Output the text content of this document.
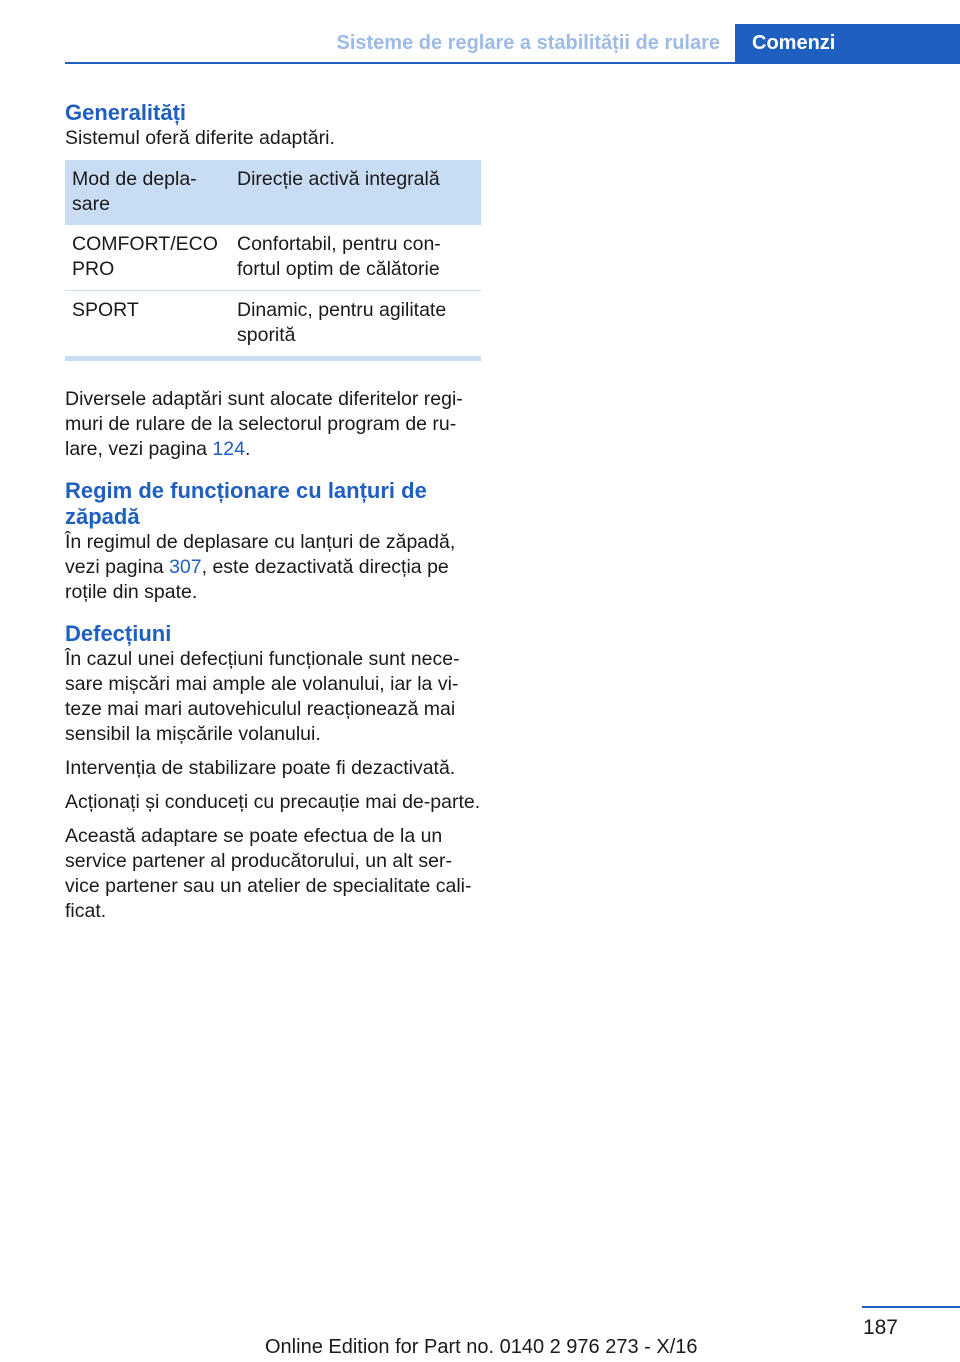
Sisteme de reglare a stabilității de rulare	Comenzi
Generalități

Sistemul oferă diferite adaptări.

Mod de depla-sare	Direcție activă integrală
COMFORT/ECO PRO	Confortabil, pentru con-fortul optim de călătorie
SPORT	Dinamic, pentru agilitate sporită

Diversele adaptări sunt alocate diferitelor regi-muri de rulare de la selectorul program de ru-lare, vezi pagina 124.

Regim de funcționare cu lanțuri de zăpadă

În regimul de deplasare cu lanțuri de zăpadă, vezi pagina 307, este dezactivată direcția pe roțile din spate.

Defecțiuni

În cazul unei defecțiuni funcționale sunt nece-sare mișcări mai ample ale volanului, iar la vi-teze mai mari autovehiculul reacționează mai sensibil la mișcările volanului.

Intervenția de stabilizare poate fi dezactivată.

Acționați și conduceți cu precauție mai de-parte.

Această adaptare se poate efectua de la un service partener al producătorului, un alt ser-vice partener sau un atelier de specialitate cali-ficat.

187
Online Edition for Part no. 0140 2 976 273 - X/16
